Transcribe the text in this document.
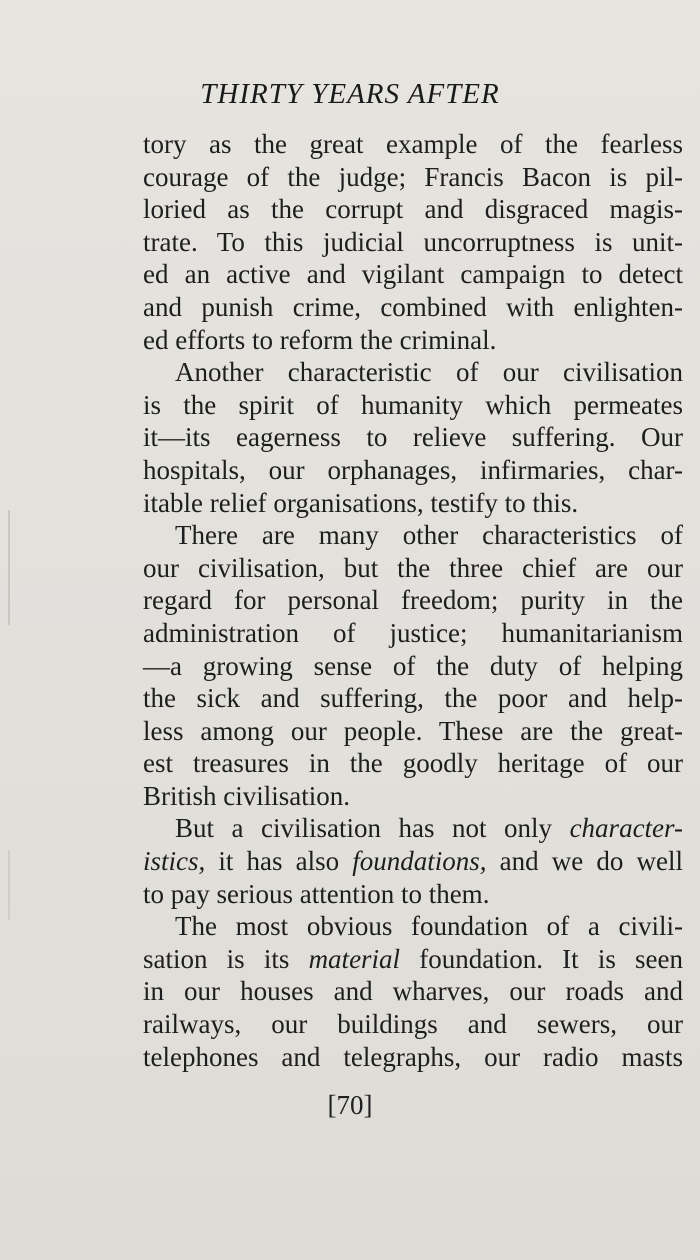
THIRTY YEARS AFTER
tory as the great example of the fearless
courage of the judge; Francis Bacon is pil-
loried as the corrupt and disgraced magis-
trate. To this judicial uncorruptness is unit-
ed an active and vigilant campaign to detect
and punish crime, combined with enlighten-
ed efforts to reform the criminal.
Another characteristic of our civilisation
is the spirit of humanity which permeates
it—its eagerness to relieve suffering. Our
hospitals, our orphanages, infirmaries, char-
itable relief organisations, testify to this.
There are many other characteristics of
our civilisation, but the three chief are our
regard for personal freedom; purity in the
administration of justice; humanitarianism
—a growing sense of the duty of helping
the sick and suffering, the poor and help-
less among our people. These are the great-
est treasures in the goodly heritage of our
British civilisation.
But a civilisation has not only character-
istics, it has also foundations, and we do well
to pay serious attention to them.
The most obvious foundation of a civili-
sation is its material foundation. It is seen
in our houses and wharves, our roads and
railways, our buildings and sewers, our
telephones and telegraphs, our radio masts
[70]
